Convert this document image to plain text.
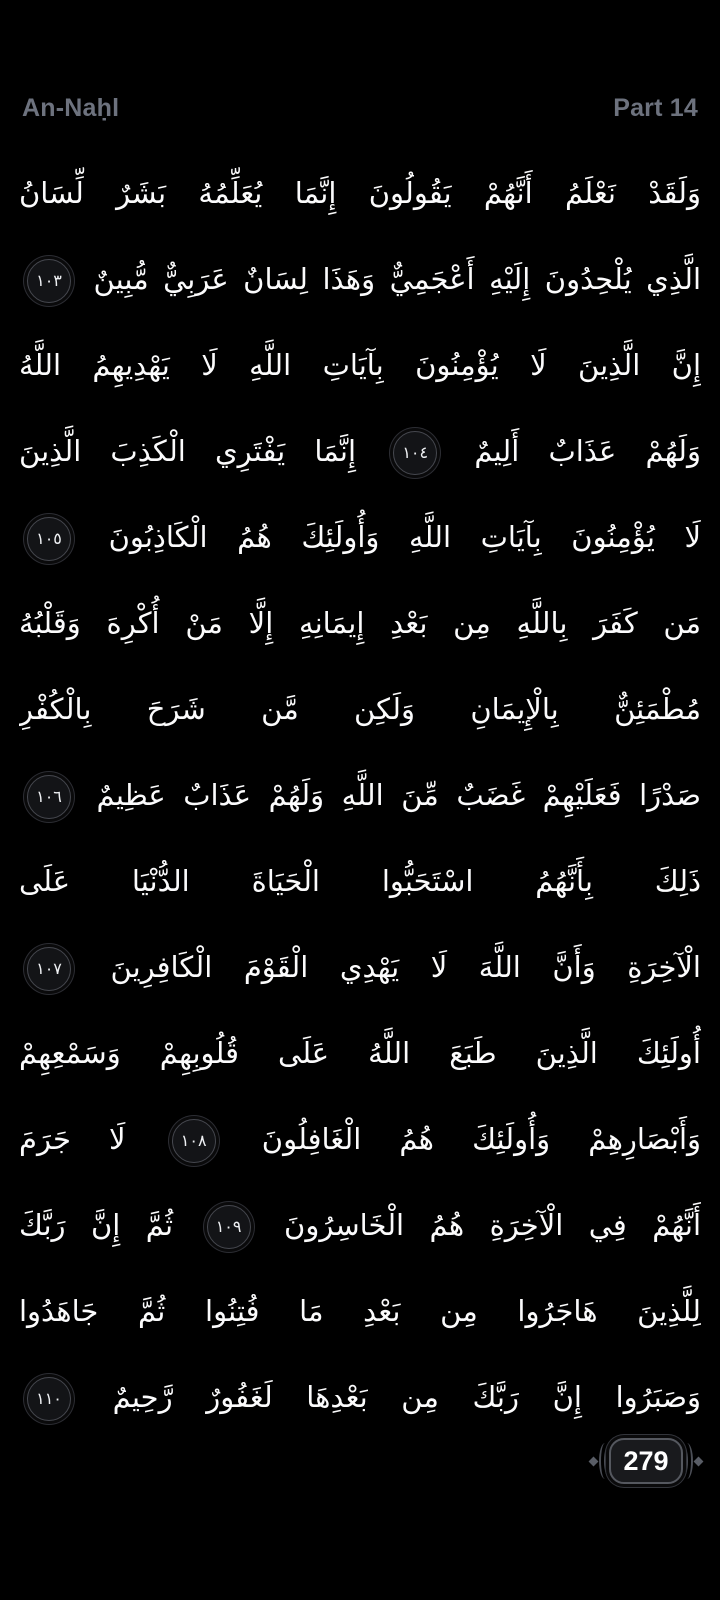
An-Naḥl	Part 14
وَلَقَدْ نَعْلَمُ أَنَّهُمْ يَقُولُونَ إِنَّمَا يُعَلِّمُهُ بَشَرٌ لِّسَانُ
الَّذِي يُلْحِدُونَ إِلَيْهِ أَعْجَمِيٌّ وَهَذَا لِسَانٌ عَرَبِيٌّ مُّبِينٌ ١٠٣
إِنَّ الَّذِينَ لَا يُؤْمِنُونَ بِآيَاتِ اللَّهِ لَا يَهْدِيهِمُ اللَّهُ
وَلَهُمْ عَذَابٌ أَلِيمٌ ١٠٤ إِنَّمَا يَفْتَرِي الْكَذِبَ الَّذِينَ
لَا يُؤْمِنُونَ بِآيَاتِ اللَّهِ وَأُولَئِكَ هُمُ الْكَاذِبُونَ ١٠٥
مَن كَفَرَ بِاللَّهِ مِن بَعْدِ إِيمَانِهِ إِلَّا مَنْ أُكْرِهَ وَقَلْبُهُ
مُطْمَئِنٌّ بِالْإِيمَانِ وَلَكِن مَّن شَرَحَ بِالْكُفْرِ
صَدْرًا فَعَلَيْهِمْ غَضَبٌ مِّنَ اللَّهِ وَلَهُمْ عَذَابٌ عَظِيمٌ ١٠٦
ذَلِكَ بِأَنَّهُمُ اسْتَحَبُّوا الْحَيَاةَ الدُّنْيَا عَلَى
الْآخِرَةِ وَأَنَّ اللَّهَ لَا يَهْدِي الْقَوْمَ الْكَافِرِينَ ١٠٧
أُولَئِكَ الَّذِينَ طَبَعَ اللَّهُ عَلَى قُلُوبِهِمْ وَسَمْعِهِمْ
وَأَبْصَارِهِمْ وَأُولَئِكَ هُمُ الْغَافِلُونَ ١٠٨ لَا جَرَمَ
أَنَّهُمْ فِي الْآخِرَةِ هُمُ الْخَاسِرُونَ ١٠٩ ثُمَّ إِنَّ رَبَّكَ
لِلَّذِينَ هَاجَرُوا مِن بَعْدِ مَا فُتِنُوا ثُمَّ جَاهَدُوا
وَصَبَرُوا إِنَّ رَبَّكَ مِن بَعْدِهَا لَغَفُورٌ رَّحِيمٌ ١١٠
279
